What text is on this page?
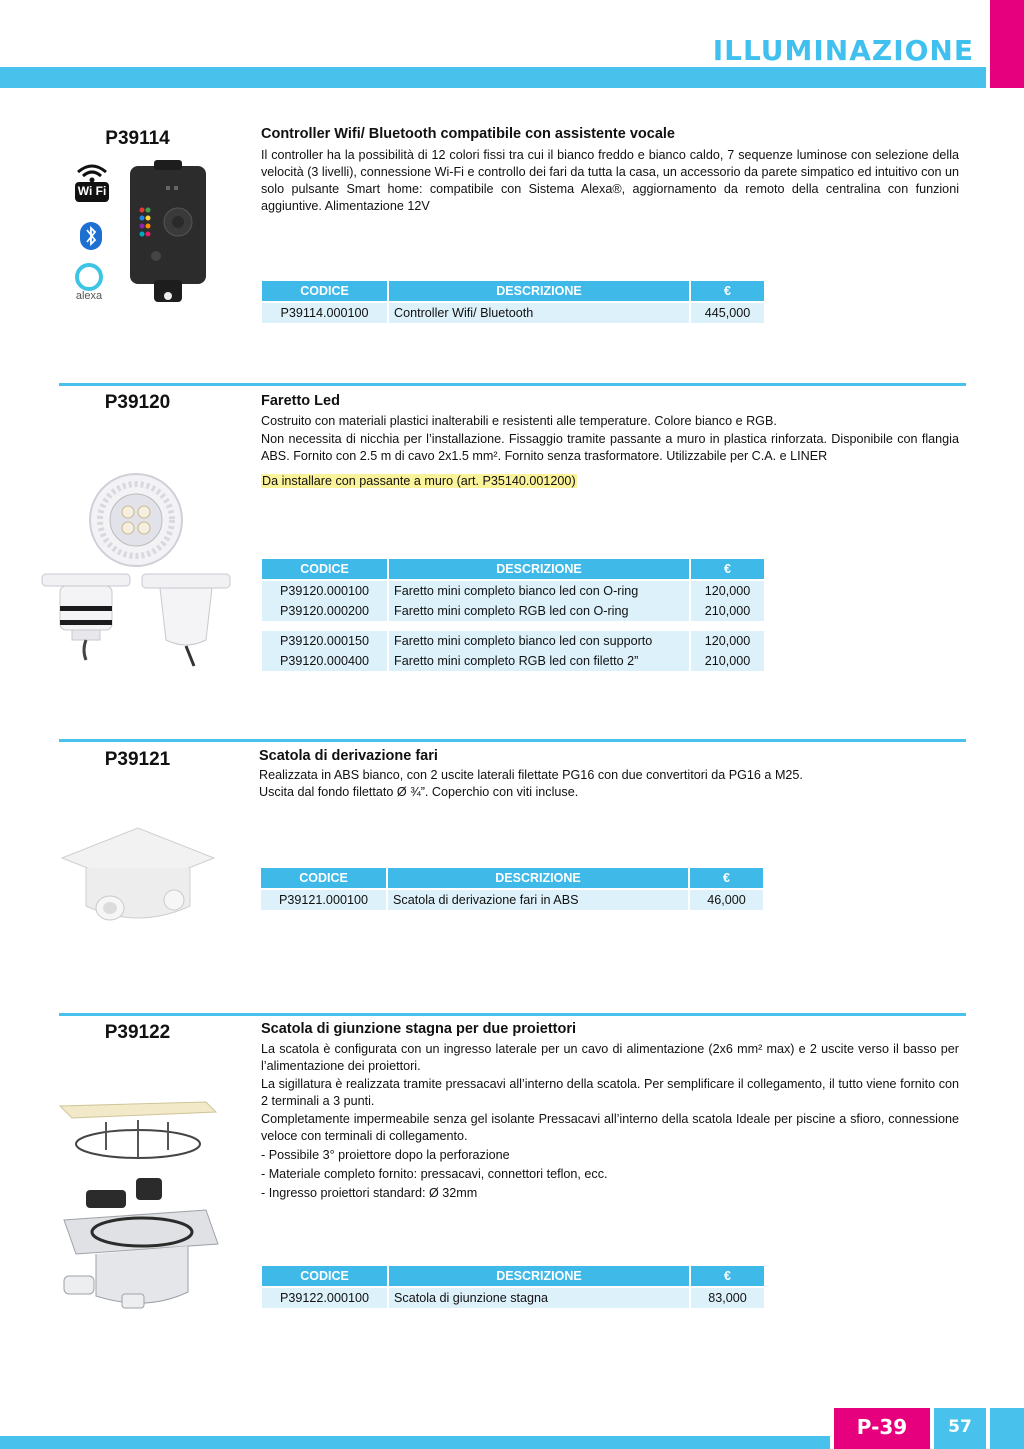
ILLUMINAZIONE
P39114	Controller Wifi/ Bluetooth compatibile con assistente vocale

Il controller ha la possibilità di 12 colori fissi tra cui il bianco freddo e bianco caldo, 7 sequenze luminose con selezione della velocità (3 livelli), connessione Wi-Fi e controllo dei fari da tutta la casa, un accessorio da parete simpatico ed intuitivo con un solo pulsante Smart home: compatibile con Sistema Alexa®, aggiornamento da remoto della centralina con funzioni aggiuntive. Alimentazione 12V

Wi Fi
alexa	CODICE	DESCRIZIONE	€
P39114.000100	Controller Wifi/ Bluetooth	445,000
P39120	Faretto Led

Costruito con materiali plastici inalterabili e resistenti alle temperature. Colore bianco e RGB.

Non necessita di nicchia per l’installazione. Fissaggio tramite passante a muro in plastica rinforzata. Disponibile con flangia ABS. Fornito con 2.5 m di cavo 2x1.5 mm². Fornito senza trasformatore. Utilizzabile per C.A. e LINER

Da installare con passante a muro (art. P35140.001200)
CODICE	DESCRIZIONE	€
P39120.000100	Faretto mini completo bianco led con O-ring	120,000
P39120.000200	Faretto mini completo RGB led con O-ring	210,000
P39120.000150	Faretto mini completo bianco led con supporto	120,000
P39120.000400	Faretto mini completo RGB led con filetto 2”	210,000
P39121	Scatola di derivazione fari

Realizzata in ABS bianco, con 2 uscite laterali filettate PG16 con due convertitori da PG16 a M25.

Uscita dal fondo filettato Ø ¾”. Coperchio con viti incluse.

CODICE	DESCRIZIONE	€
P39121.000100	Scatola di derivazione fari in ABS	46,000
P39122	Scatola di giunzione stagna per due proiettori

La scatola è configurata con un ingresso laterale per un cavo di alimentazione (2x6 mm² max) e 2 uscite verso il basso per l’alimentazione dei proiettori.

La sigillatura è realizzata tramite pressacavi all’interno della scatola. Per semplificare il collegamento, il tutto viene fornito con 2 terminali a 3 punti.

Completamente impermeabile senza gel isolante Pressacavi all’interno della scatola Ideale per piscine a sfioro, connessione veloce con terminali di collegamento.

- Possibile 3° proiettore dopo la perforazione

- Materiale completo fornito: pressacavi, connettori teflon, ecc.

- Ingresso proiettori standard: Ø 32mm

CODICE	DESCRIZIONE	€
P39122.000100	Scatola di giunzione stagna	83,000
P-39	57
